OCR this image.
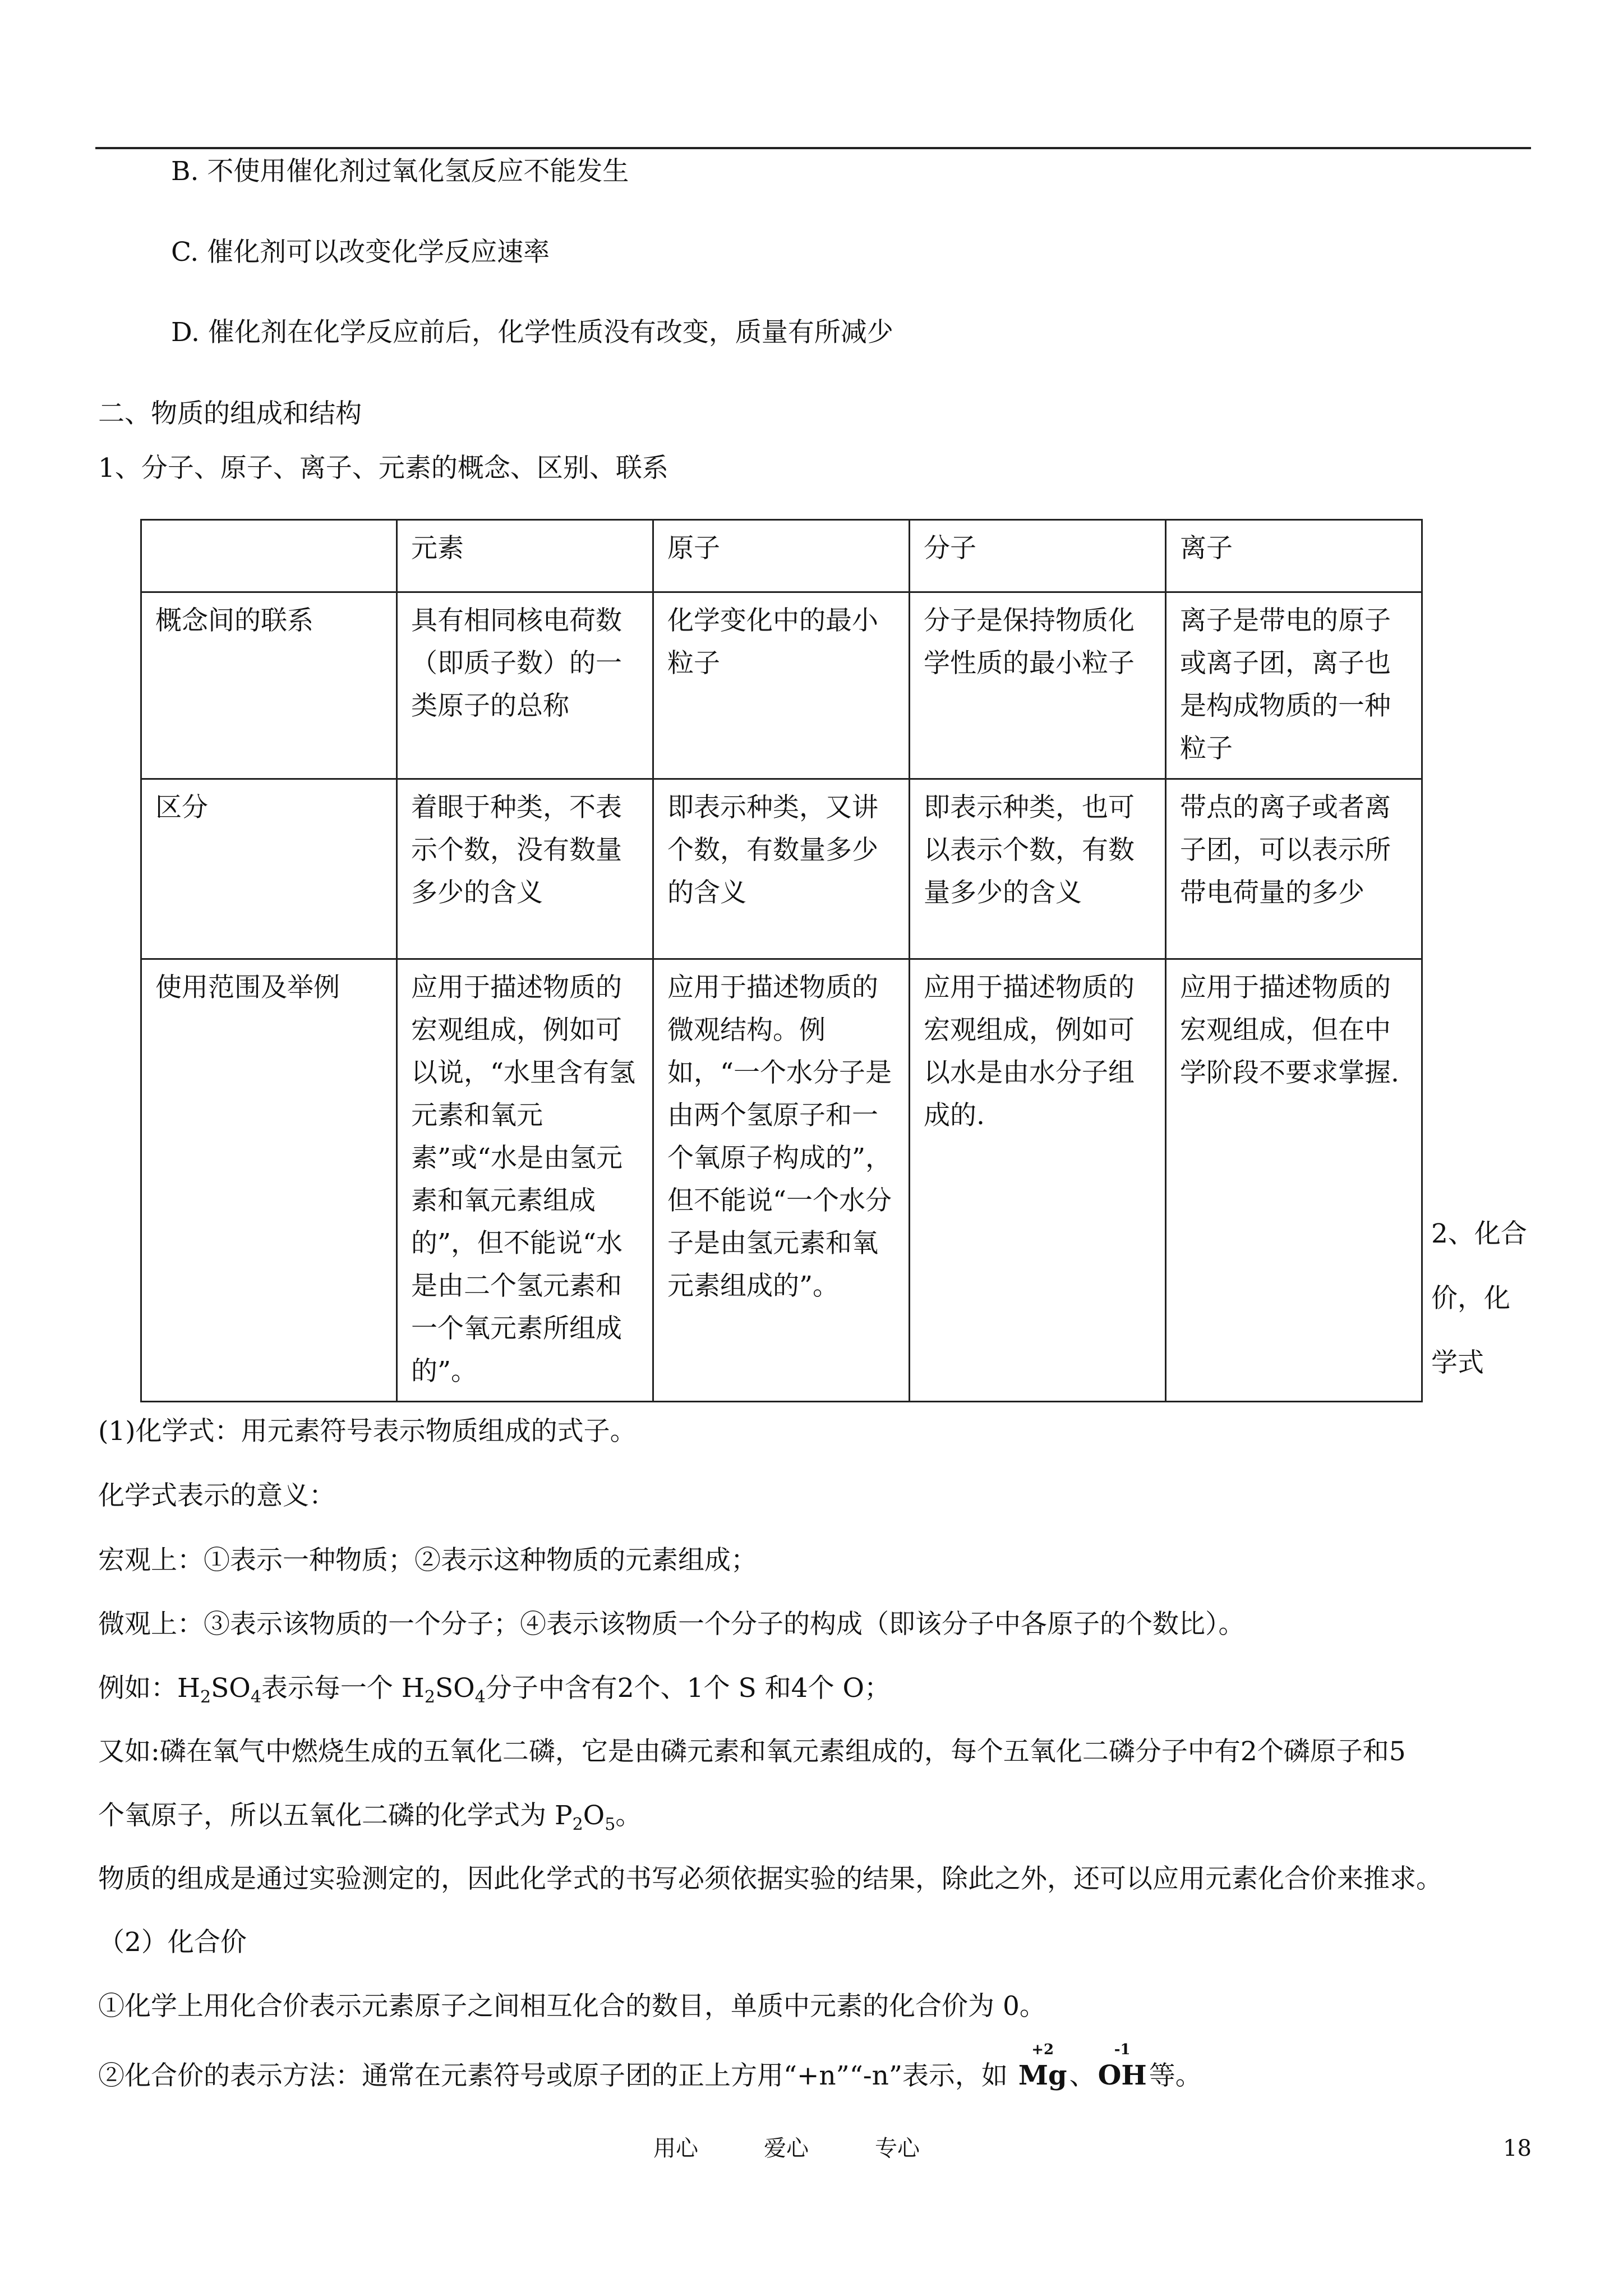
B. 不使用催化剂过氧化氢反应不能发生
C. 催化剂可以改变化学反应速率
D. 催化剂在化学反应前后，化学性质没有改变，质量有所减少
二、物质的组成和结构
1、分子、原子、离子、元素的概念、区别、联系
	元素	原子	分子	离子
概念间的联系	具有相同核电荷数（即质子数）的一类原子的总称	化学变化中的最小粒子	分子是保持物质化学性质的最小粒子	离子是带电的原子或离子团，离子也是构成物质的一种粒子
区分	着眼于种类，不表示个数，没有数量多少的含义	即表示种类，又讲个数，有数量多少的含义	即表示种类，也可以表示个数，有数量多少的含义	带点的离子或者离子团，可以表示所带电荷量的多少
使用范围及举例	应用于描述物质的宏观组成，例如可以说，“水里含有氢元素和氧元素”或“水是由氢元素和氧元素组成的”，但不能说“水是由二个氢元素和一个氧元素所组成的”。	应用于描述物质的微观结构。例如，“一个水分子是由两个氢原子和一个氧原子构成的”，但不能说“一个水分子是由氢元素和氧元素组成的”。	应用于描述物质的宏观组成，例如可以水是由水分子组成的.	应用于描述物质的宏观组成，但在中学阶段不要求掌握.
2、化合
价，化
学式
(1)化学式：用元素符号表示物质组成的式子。
化学式表示的意义：
宏观上：①表示一种物质；②表示这种物质的元素组成；
微观上：③表示该物质的一个分子；④表示该物质一个分子的构成（即该分子中各原子的个数比）。
例如：$H_2SO_4$表示每一个 $H_2SO_4$分子中含有2个、1个 S 和4个 O；
又如:磷在氧气中燃烧生成的五氧化二磷，它是由磷元素和氧元素组成的，每个五氧化二磷分子中有2个磷原子和5
个氧原子，所以五氧化二磷的化学式为 $P_2O_5$。
物质的组成是通过实验测定的，因此化学式的书写必须依据实验的结果，除此之外，还可以应用元素化合价来推求。
（2）化合价
①化学上用化合价表示元素原子之间相互化合的数目，单质中元素的化合价为 0。
②化合价的表示方法：通常在元素符号或原子团的正上方用“+n”“-n”表示，如
+2
Mg、
-1
OH等。
用心	爱心	专心	18
